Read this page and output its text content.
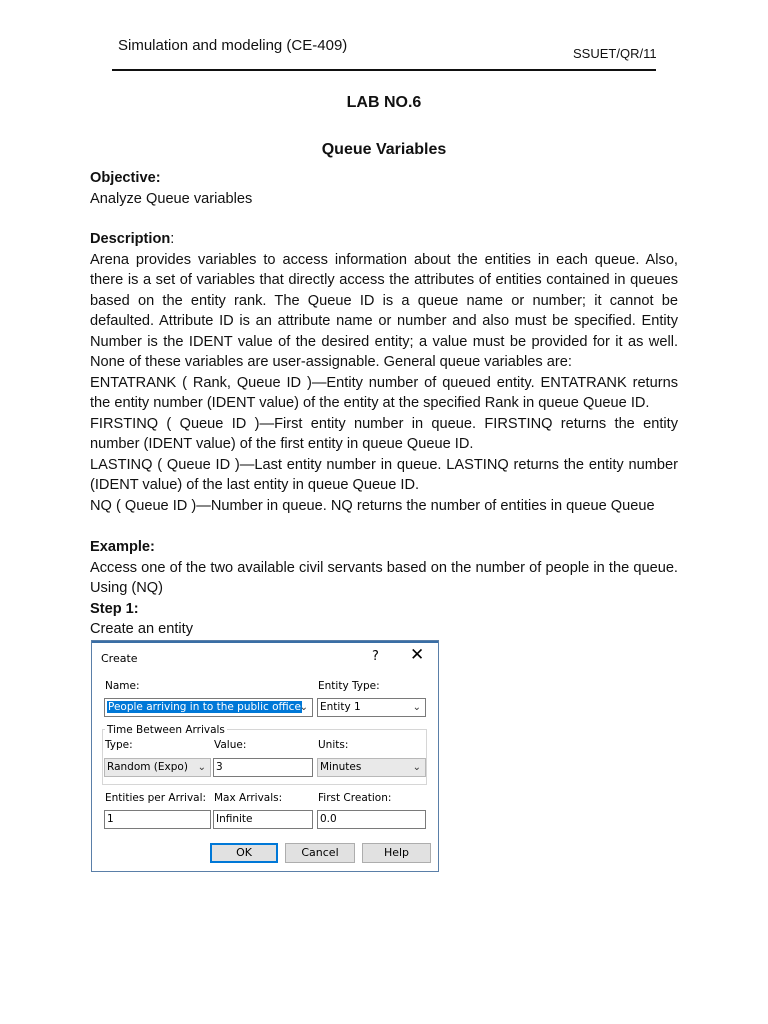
Simulation and modeling (CE-409)	SSUET/QR/11
LAB NO.6
Queue Variables

Objective:

Analyze Queue variables

Description:

Arena provides variables to access information about the entities in each queue. Also, there is a set of variables that directly access the attributes of entities contained in queues based on the entity rank. The Queue ID is a queue name or number; it cannot be defaulted. Attribute ID is an attribute name or number and also must be specified. Entity Number is the IDENT value of the desired entity; a value must be provided for it as well. None of these variables are user-assignable. General queue variables are:

ENTATRANK ( Rank, Queue ID )—Entity number of queued entity. ENTATRANK returns the entity number (IDENT value) of the entity at the specified Rank in queue Queue ID.

FIRSTINQ ( Queue ID )—First entity number in queue. FIRSTINQ returns the entity number (IDENT value) of the first entity in queue Queue ID.

LASTINQ ( Queue ID )—Last entity number in queue. LASTINQ returns the entity number (IDENT value) of the last entity in queue Queue ID.

NQ ( Queue ID )—Number in queue. NQ returns the number of entities in queue Queue

Example:

Access one of the two available civil servants based on the number of people in the queue. Using (NQ)

Step 1:

Create an entity

Create	? ✕
Name:
People arriving in to the public office
⌄
Entity Type:
Entity 1	⌄
Time Between Arrivals
Type:
Random (Expo) ⌄
Value:
3
Units:
Minutes	⌄
Entities per Arrival:
1
Max Arrivals:
Infinite
First Creation:
0.0
OK	Cancel	Help
